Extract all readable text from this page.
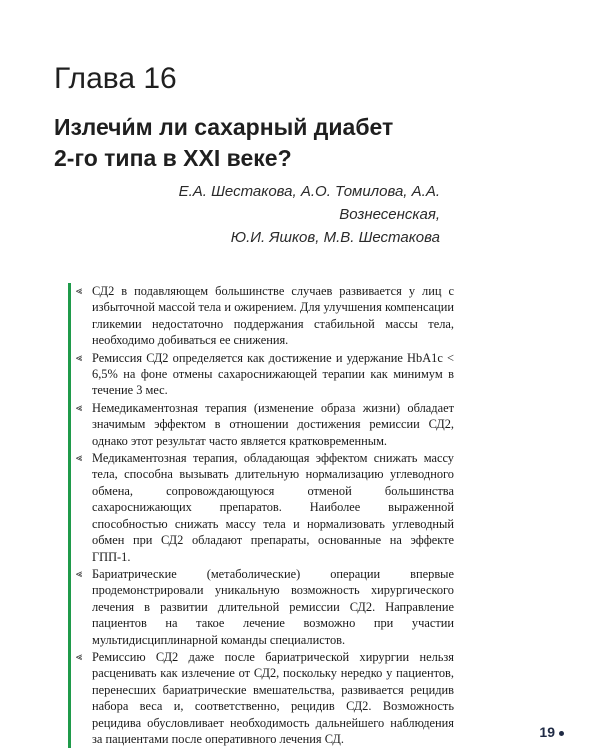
Глава 16
Излечи́м ли сахарный диабет
2-го типа в XXI веке?
Е.А. Шестакова, А.О. Томилова, А.А. Вознесенская,
Ю.И. Яшков, М.В. Шестакова
⪡ СД2 в подавляющем большинстве случаев развивается у лиц с избыточной массой тела и ожирением. Для улучшения компенсации гликемии недостаточно поддержания стабильной массы тела, необходимо добиваться ее снижения.
⪡ Ремиссия СД2 определяется как достижение и удержание HbA1c < 6,5% на фоне отмены сахароснижающей терапии как минимум в течение 3 мес.
⪡ Немедикаментозная терапия (изменение образа жизни) обладает значимым эффектом в отношении достижения ремиссии СД2, однако этот результат часто является кратковременным.
⪡ Медикаментозная терапия, обладающая эффектом снижать массу тела, способна вызывать длительную нормализацию углеводного обмена, сопровождающуюся отменой большинства сахароснижающих препаратов. Наиболее выраженной способностью снижать массу тела и нормализовать углеводный обмен при СД2 обладают препараты, основанные на эффекте ГПП-1.
⪡ Бариатрические (метаболические) операции впервые продемонстрировали уникальную возможность хирургического лечения в развитии длительной ремиссии СД2. Направление пациентов на такое лечение возможно при участии мультидисциплинарной команды специалистов.
⪡ Ремиссию СД2 даже после бариатрической хирургии нельзя расценивать как излечение от СД2, поскольку нередко у пациентов, перенесших бариатрические вмешательства, развивается рецидив набора веса и, соответственно, рецидив СД2. Возможность рецидива обусловливает необходимость дальнейшего наблюдения за пациентами после оперативного лечения СД.	19
